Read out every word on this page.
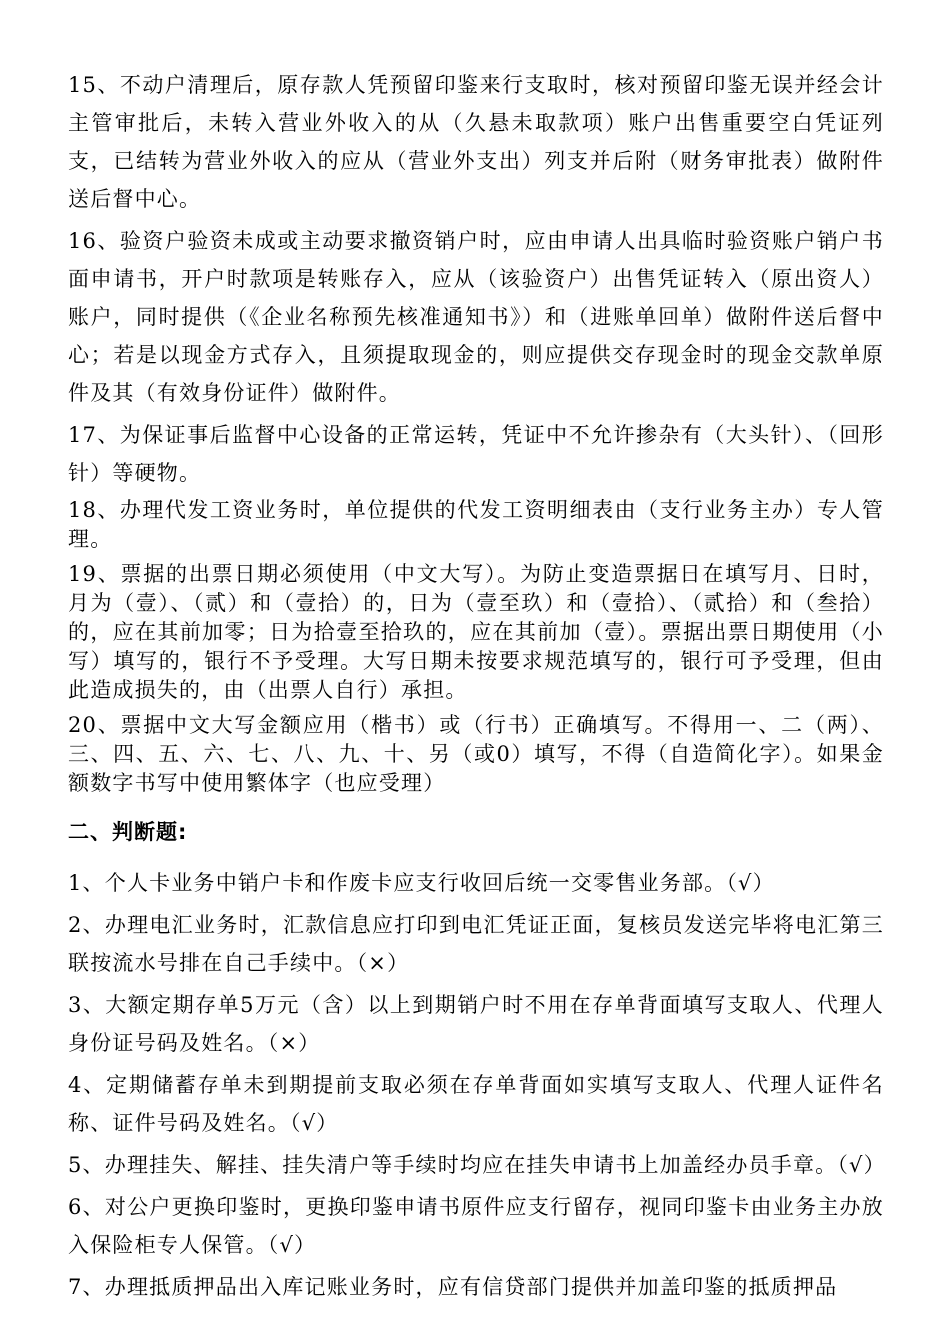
15、不动户清理后，原存款人凭预留印鉴来行支取时，核对预留印鉴无误并经会计主管审批后，未转入营业外收入的从（久悬未取款项）账户出售重要空白凭证列支，已结转为营业外收入的应从（营业外支出）列支并后附（财务审批表）做附件送后督中心。

16、验资户验资未成或主动要求撤资销户时，应由申请人出具临时验资账户销户书面申请书，开户时款项是转账存入，应从（该验资户）出售凭证转入（原出资人）账户，同时提供（《企业名称预先核准通知书》）和（进账单回单）做附件送后督中心；若是以现金方式存入，且须提取现金的，则应提供交存现金时的现金交款单原件及其（有效身份证件）做附件。

17、为保证事后监督中心设备的正常运转，凭证中不允许掺杂有（大头针）、（回形针）等硬物。

18、办理代发工资业务时，单位提供的代发工资明细表由（支行业务主办）专人管理。

19、票据的出票日期必须使用（中文大写）。为防止变造票据日在填写月、日时，月为（壹）、（贰）和（壹拾）的，日为（壹至玖）和（壹拾）、（贰拾）和（叁拾）的，应在其前加零；日为拾壹至拾玖的，应在其前加（壹）。票据出票日期使用（小写）填写的，银行不予受理。大写日期未按要求规范填写的，银行可予受理，但由此造成损失的，由（出票人自行）承担。

20、票据中文大写金额应用（楷书）或（行书）正确填写。不得用一、二（两）、三、四、五、六、七、八、九、十、另（或0）填写，不得（自造简化字）。如果金额数字书写中使用繁体字（也应受理）

二、判断题:

1、个人卡业务中销户卡和作废卡应支行收回后统一交零售业务部。（√）

2、办理电汇业务时，汇款信息应打印到电汇凭证正面，复核员发送完毕将电汇第三联按流水号排在自己手续中。（×）

3、大额定期存单5万元（含）以上到期销户时不用在存单背面填写支取人、代理人身份证号码及姓名。（×）

4、定期储蓄存单未到期提前支取必须在存单背面如实填写支取人、代理人证件名称、证件号码及姓名。（√）

5、办理挂失、解挂、挂失清户等手续时均应在挂失申请书上加盖经办员手章。（√）

6、对公户更换印鉴时，更换印鉴申请书原件应支行留存，视同印鉴卡由业务主办放入保险柜专人保管。（√）

7、办理抵质押品出入库记账业务时，应有信贷部门提供并加盖印鉴的抵质押品
